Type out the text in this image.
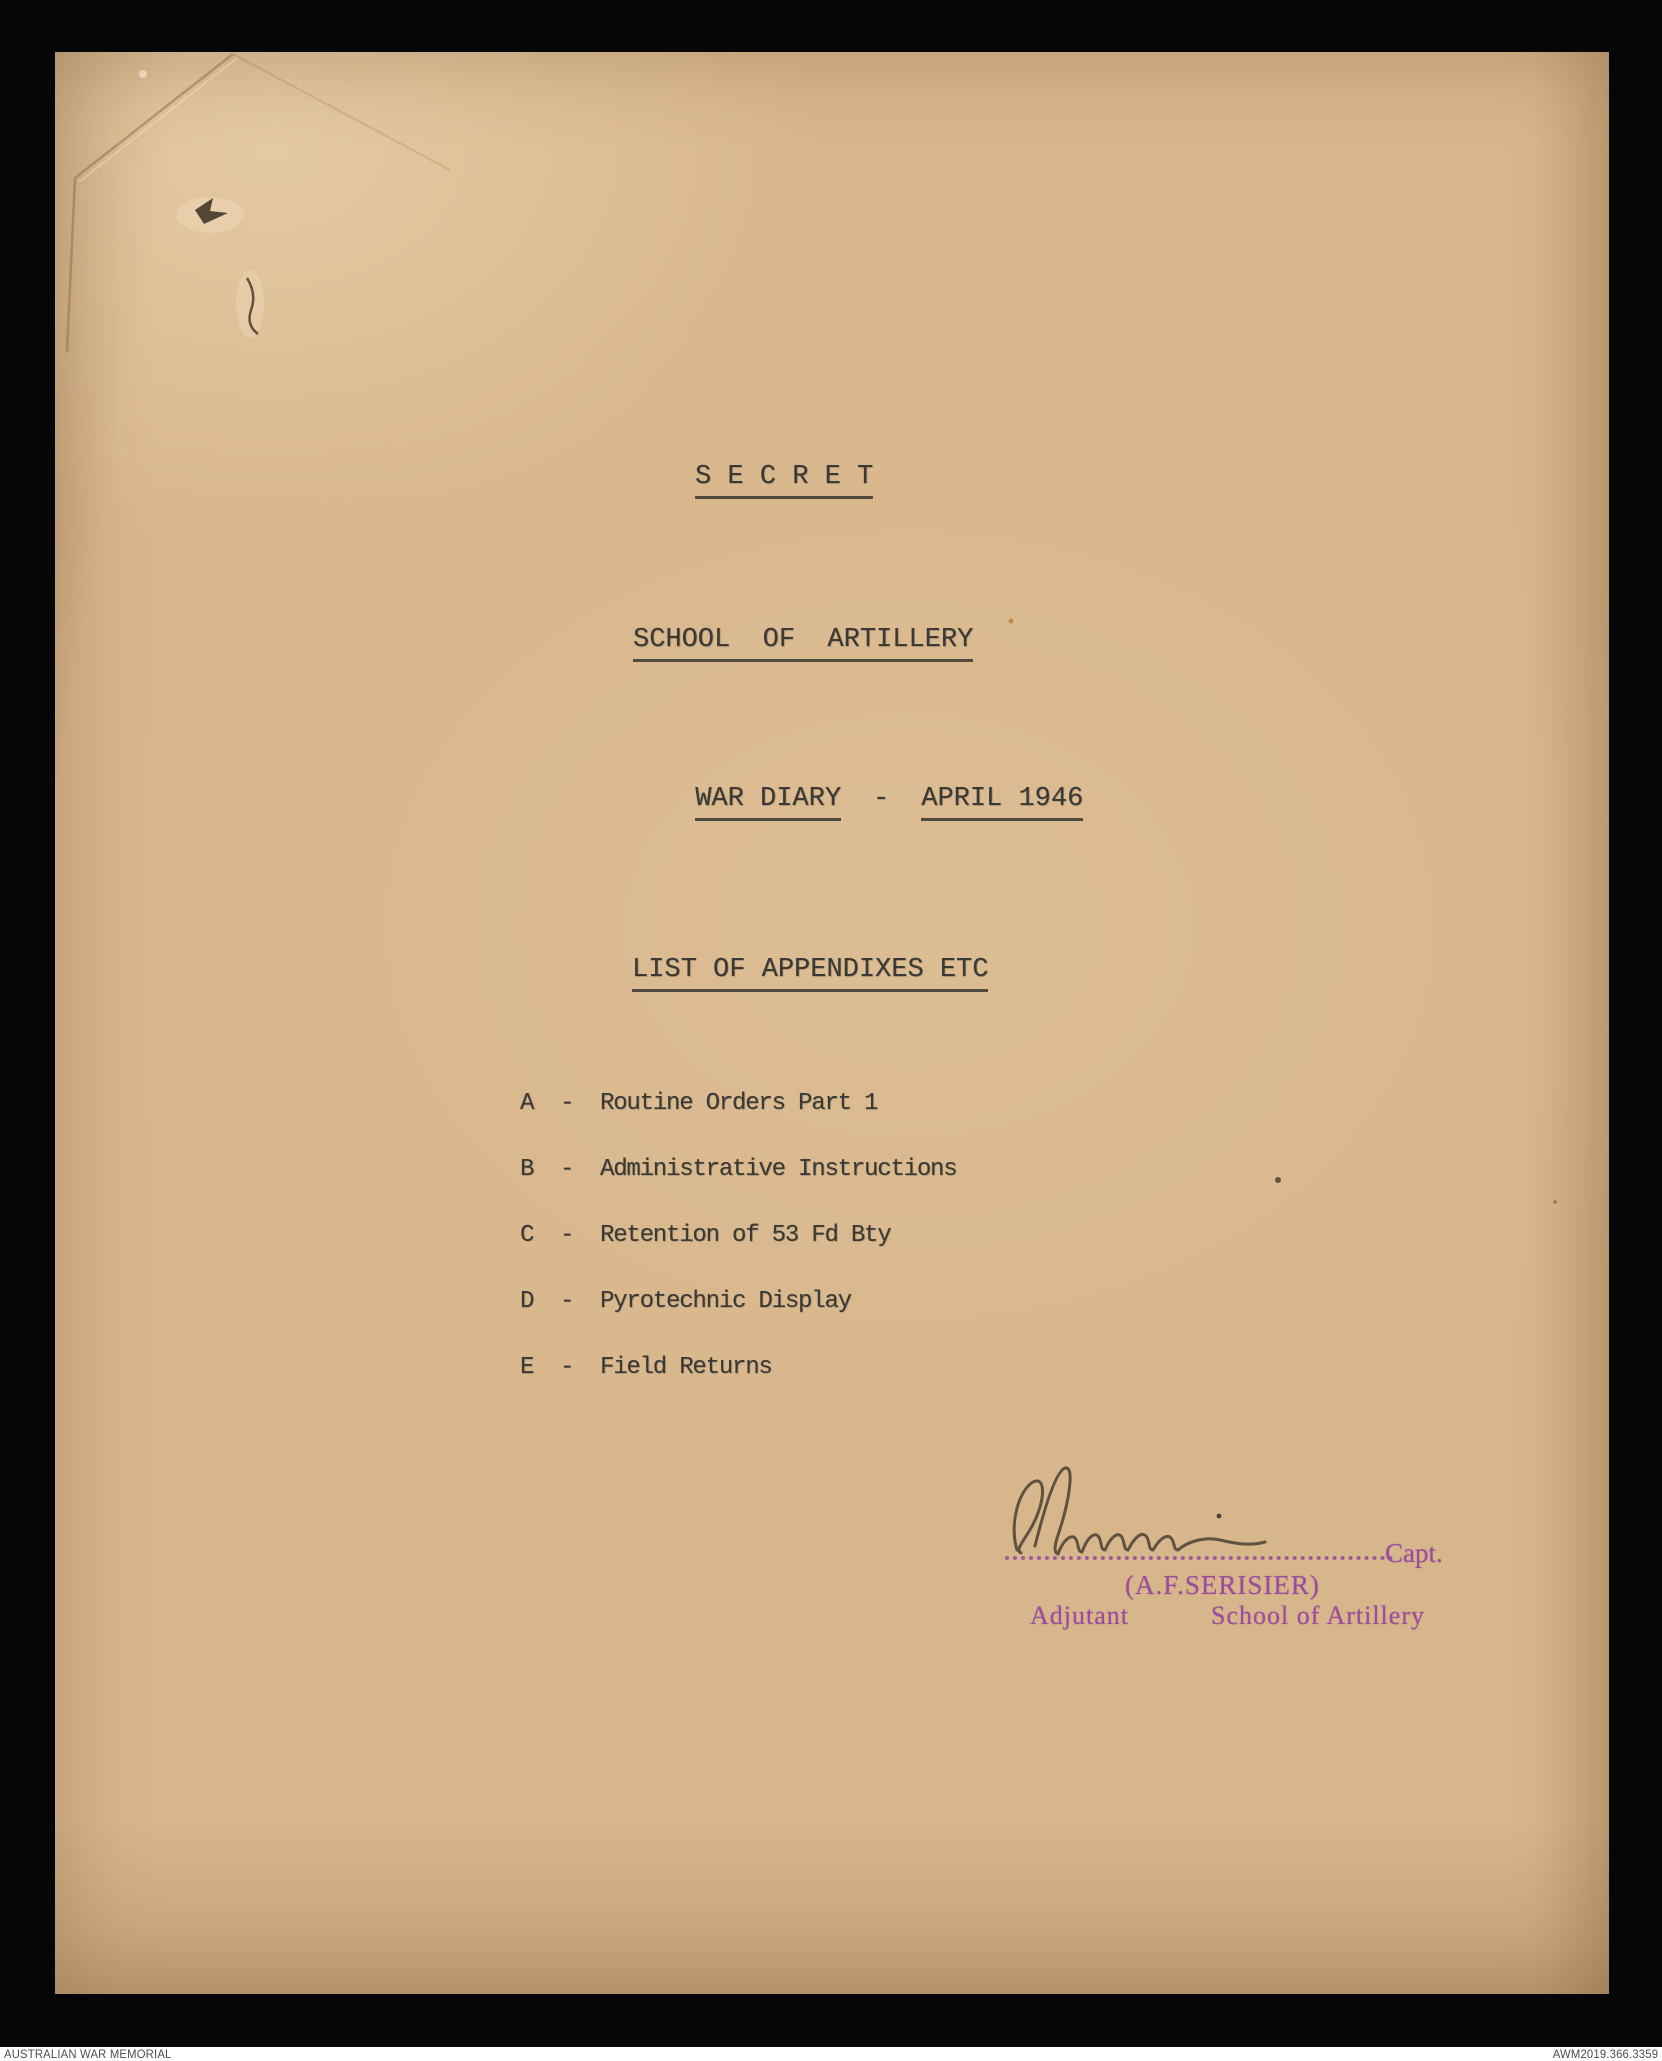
S E C R E T
SCHOOL  OF  ARTILLERY

WAR DIARY - APRIL 1946

LIST OF APPENDIXES ETC
A	-	Routine Orders Part 1
B	-	Administrative Instructions
C	-	Retention of 53 Fd Bty
D	-	Pyrotechnic Display
E	-	Field Returns
Capt.
(A.F.SERISIER)
Adjutant	School of Artillery
AUSTRALIAN WAR MEMORIAL	AWM2019.366.3359
